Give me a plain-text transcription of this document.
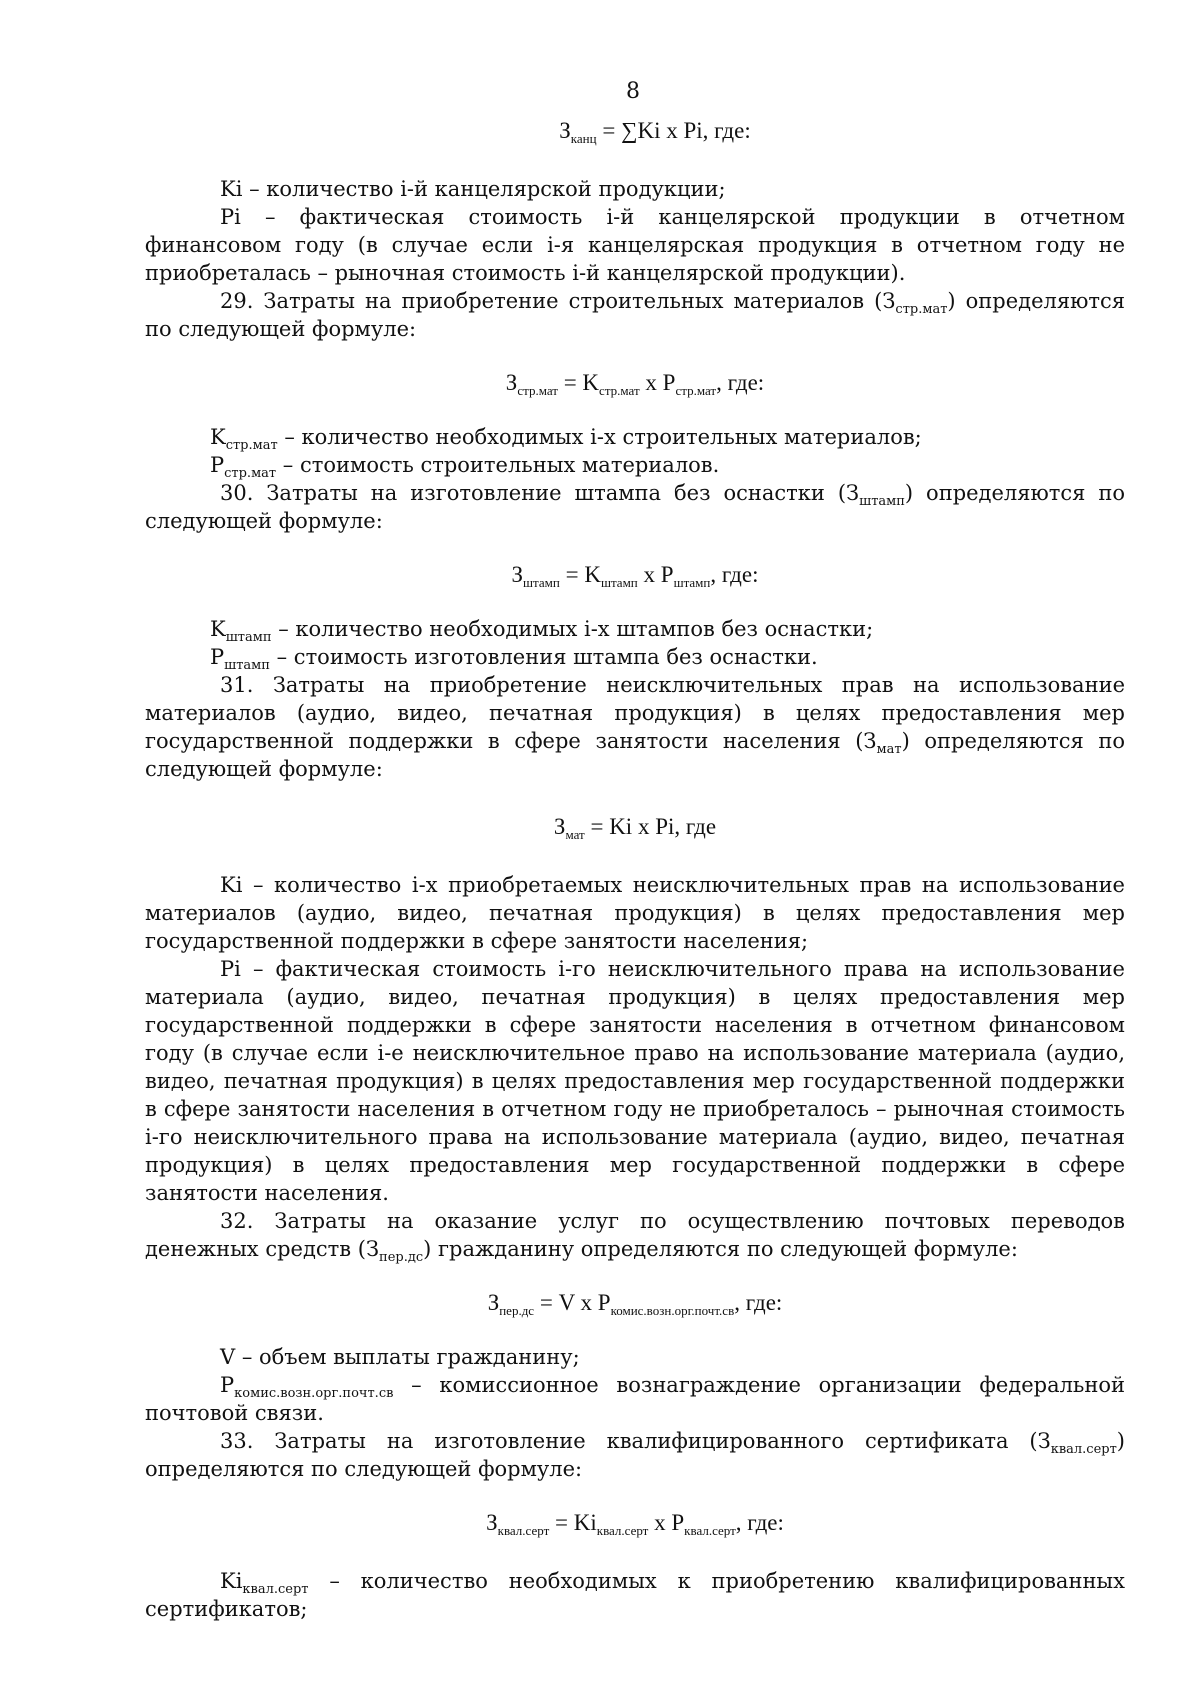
8

$З_{канц} = \sum Ki$ x Pi, где:

Ki – количество i-й канцелярской продукции;

Pi – фактическая стоимость i-й канцелярской продукции в отчетном финансовом году (в случае если i-я канцелярская продукция в отчетном году не приобреталась – рыночная стоимость i-й канцелярской продукции).

29. Затраты на приобретение строительных материалов $(З_{стр.мат})$ определяются по следующей формуле:

$З_{стр.мат} = K_{стр.мат}$ x $P_{стр.мат}$, где:

$K_{стр.мат}$ – количество необходимых i-х строительных материалов;

$P_{стр.мат}$ – стоимость строительных материалов.

30. Затраты на изготовление штампа без оснастки $(З_{штамп})$ определяются по следующей формуле:

$З_{штамп} = K_{штамп}$ x $P_{штамп}$, где:

$K_{штамп}$ – количество необходимых i-х штампов без оснастки;

$P_{штамп}$ – стоимость изготовления штампа без оснастки.

31. Затраты на приобретение неисключительных прав на использование материалов (аудио, видео, печатная продукция) в целях предоставления мер государственной поддержки в сфере занятости населения $(З_{мат})$ определяются по следующей формуле:

$З_{мат} = Ki$ x Pi, где

Ki – количество i-х приобретаемых неисключительных прав на использование материалов (аудио, видео, печатная продукция) в целях предоставления мер государственной поддержки в сфере занятости населения;

Pi – фактическая стоимость i-го неисключительного права на использование материала (аудио, видео, печатная продукция) в целях предоставления мер государственной поддержки в сфере занятости населения в отчетном финансовом году (в случае если i-е неисключительное право на использование материала (аудио, видео, печатная продукция) в целях предоставления мер государственной поддержки в сфере занятости населения в отчетном году не приобреталось – рыночная стоимость i-го неисключительного права на использование материала (аудио, видео, печатная продукция) в целях предоставления мер государственной поддержки в сфере занятости населения.

32. Затраты на оказание услуг по осуществлению почтовых переводов денежных средств $(З_{пер.дс})$ гражданину определяются по следующей формуле:

$З_{пер.дс} = V$ x $P_{комис.возн.орг.почт.св}$, где:

V – объем выплаты гражданину;

$P_{комис.возн.орг.почт.св}$ – комиссионное вознаграждение организации федеральной почтовой связи.

33. Затраты на изготовление квалифицированного сертификата $(З_{квал.серт})$ определяются по следующей формуле:

$З_{квал.серт} = Ki_{квал.серт}$ x $P_{квал.серт}$, где:

$Ki_{квал.серт}$ – количество необходимых к приобретению квалифицированных сертификатов;
